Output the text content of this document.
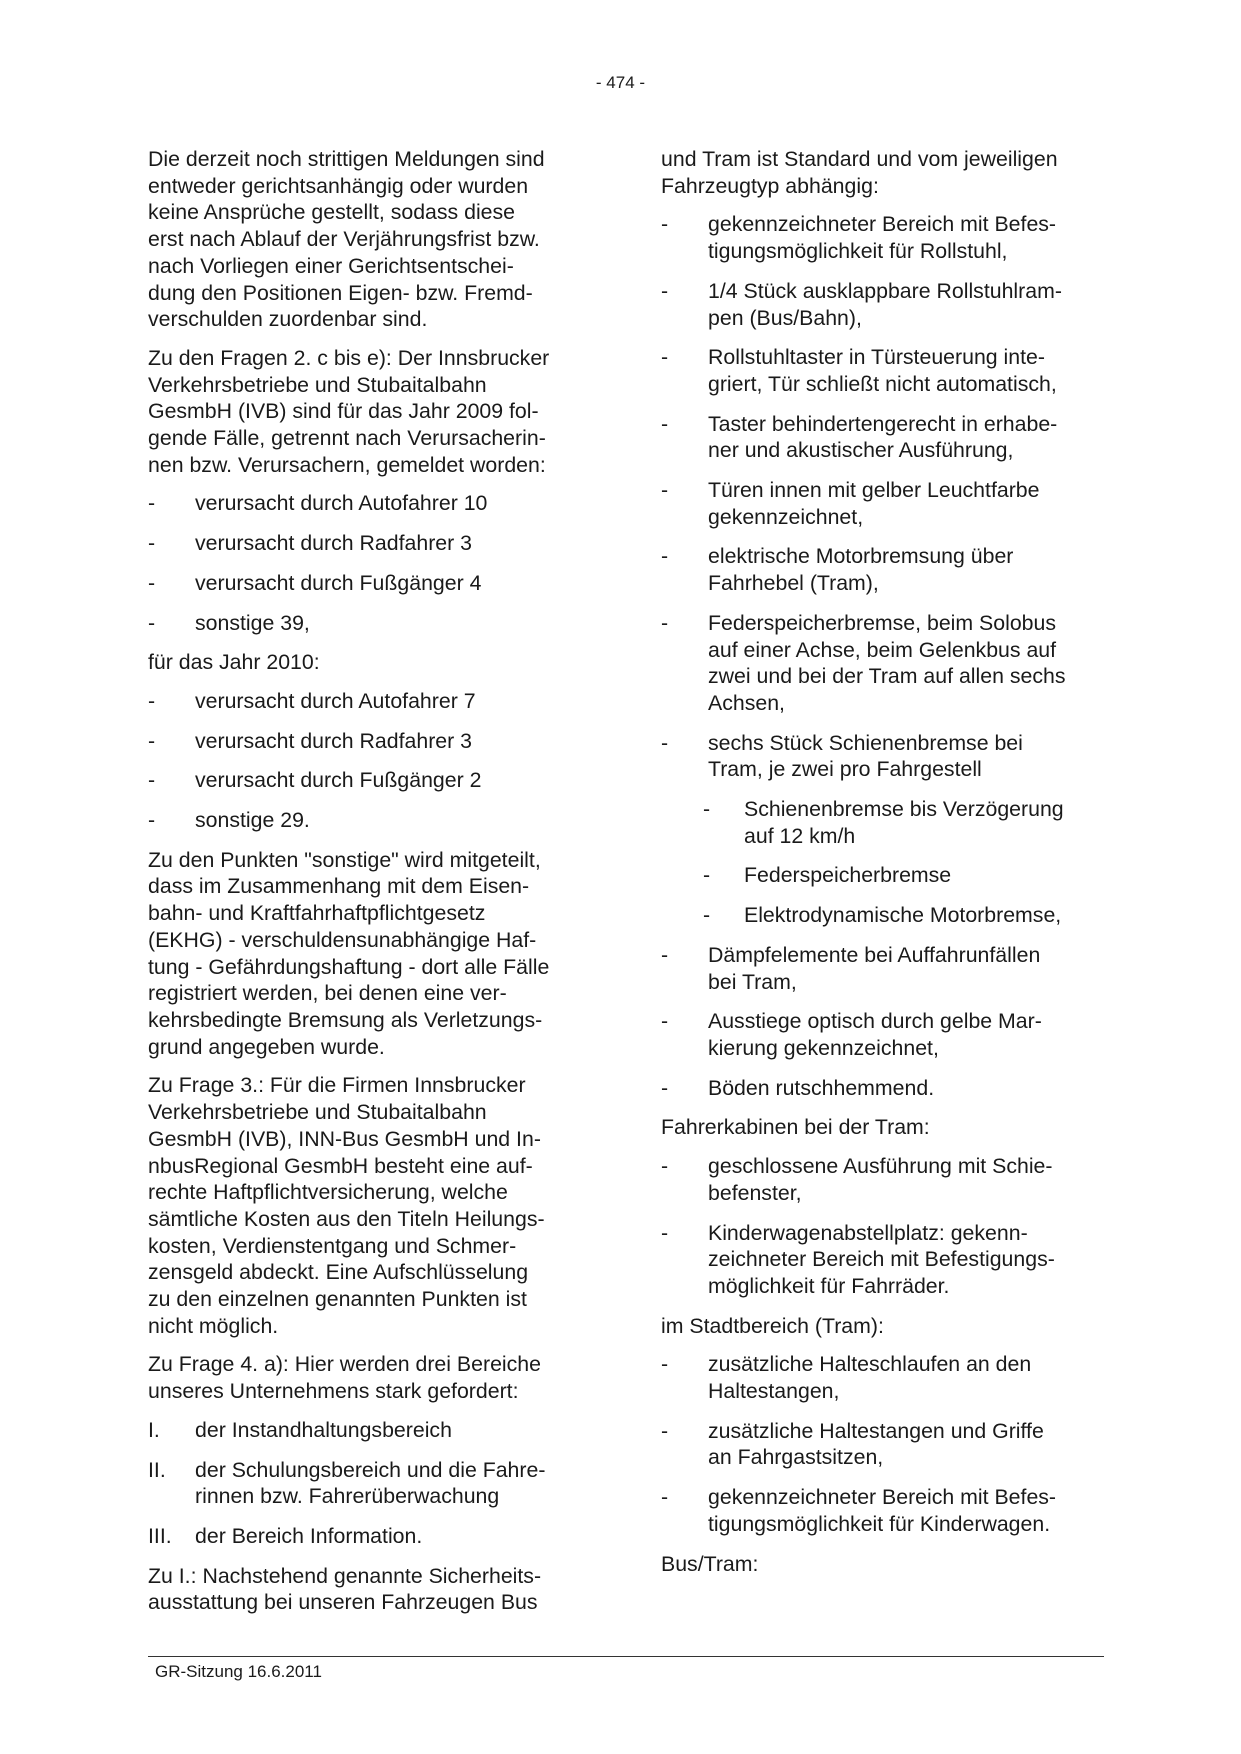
- 474 -
Die derzeit noch strittigen Meldungen sind
entweder gerichtsanhängig oder wurden
keine Ansprüche gestellt, sodass diese
erst nach Ablauf der Verjährungsfrist bzw.
nach Vorliegen einer Gerichtsentschei-
dung den Positionen Eigen- bzw. Fremd-
verschulden zuordenbar sind.
Zu den Fragen 2. c bis e): Der Innsbrucker
Verkehrsbetriebe und Stubaitalbahn
GesmbH (IVB) sind für das Jahr 2009 fol-
gende Fälle, getrennt nach Verursacherin-
nen bzw. Verursachern, gemeldet worden:
- verursacht durch Autofahrer 10
- verursacht durch Radfahrer 3
- verursacht durch Fußgänger 4
- sonstige 39,
für das Jahr 2010:
- verursacht durch Autofahrer 7
- verursacht durch Radfahrer 3
- verursacht durch Fußgänger 2
- sonstige 29.
Zu den Punkten "sonstige" wird mitgeteilt,
dass im Zusammenhang mit dem Eisen-
bahn- und Kraftfahrhaftpflichtgesetz
(EKHG) - verschuldensunabhängige Haf-
tung - Gefährdungshaftung - dort alle Fälle
registriert werden, bei denen eine ver-
kehrsbedingte Bremsung als Verletzungs-
grund angegeben wurde.
Zu Frage 3.: Für die Firmen Innsbrucker
Verkehrsbetriebe und Stubaitalbahn
GesmbH (IVB), INN-Bus GesmbH und In-
nbusRegional GesmbH besteht eine auf-
rechte Haftpflichtversicherung, welche
sämtliche Kosten aus den Titeln Heilungs-
kosten, Verdienstentgang und Schmer-
zensgeld abdeckt. Eine Aufschlüsselung
zu den einzelnen genannten Punkten ist
nicht möglich.
Zu Frage 4. a): Hier werden drei Bereiche
unseres Unternehmens stark gefordert:
I. der Instandhaltungsbereich
II. der Schulungsbereich und die Fahre-
rinnen bzw. Fahrerüberwachung
III. der Bereich Information.
Zu I.: Nachstehend genannte Sicherheits-
ausstattung bei unseren Fahrzeugen Bus
und Tram ist Standard und vom jeweiligen
Fahrzeugtyp abhängig:
- gekennzeichneter Bereich mit Befes-
tigungsmöglichkeit für Rollstuhl,
- 1/4 Stück ausklappbare Rollstuhlram-
pen (Bus/Bahn),
- Rollstuhltaster in Türsteuerung inte-
griert, Tür schließt nicht automatisch,
- Taster behindertengerecht in erhabe-
ner und akustischer Ausführung,
- Türen innen mit gelber Leuchtfarbe
gekennzeichnet,
- elektrische Motorbremsung über
Fahrhebel (Tram),
- Federspeicherbremse, beim Solobus
auf einer Achse, beim Gelenkbus auf
zwei und bei der Tram auf allen sechs
Achsen,
- sechs Stück Schienenbremse bei
Tram, je zwei pro Fahrgestell
- Schienenbremse bis Verzögerung
auf 12 km/h
- Federspeicherbremse
- Elektrodynamische Motorbremse,
- Dämpfelemente bei Auffahrunfällen
bei Tram,
- Ausstiege optisch durch gelbe Mar-
kierung gekennzeichnet,
- Böden rutschhemmend.
Fahrerkabinen bei der Tram:
- geschlossene Ausführung mit Schie-
befenster,
- Kinderwagenabstellplatz: gekenn-
zeichneter Bereich mit Befestigungs-
möglichkeit für Fahrräder.
im Stadtbereich (Tram):
- zusätzliche Halteschlaufen an den
Haltestangen,
- zusätzliche Haltestangen und Griffe
an Fahrgastsitzen,
- gekennzeichneter Bereich mit Befes-
tigungsmöglichkeit für Kinderwagen.
Bus/Tram:
GR-Sitzung 16.6.2011
